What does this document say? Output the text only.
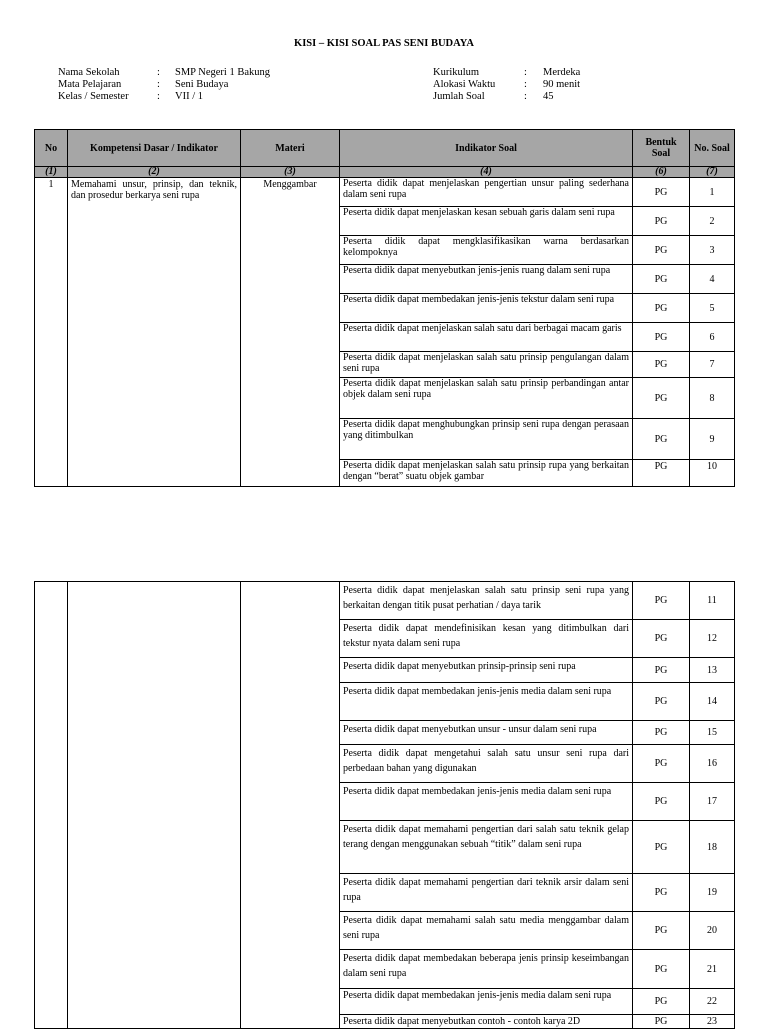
KISI – KISI SOAL PAS SENI BUDAYA
Nama Sekolah	:	SMP Negeri 1 Bakung
Mata Pelajaran	:	Seni Budaya
Kelas / Semester	:	VII / 1
Kurikulum	:	Merdeka
Alokasi Waktu	:	90 menit
Jumlah Soal	:	45
No	Kompetensi Dasar / Indikator	Materi	Indikator Soal	Bentuk Soal	No. Soal
(1)	(2)	(3)	(4)	(6)	(7)
1	Memahami unsur, prinsip, dan teknik, dan prosedur berkarya seni rupa	Menggambar	Peserta didik dapat menjelaskan pengertian unsur paling sederhana dalam seni rupa	PG	1
			Peserta didik dapat menjelaskan kesan sebuah garis dalam seni rupa	PG	2
			Peserta didik dapat mengklasifikasikan warna berdasarkan kelompoknya	PG	3
			Peserta didik dapat menyebutkan jenis-jenis ruang dalam seni rupa	PG	4
			Peserta didik dapat membedakan jenis-jenis tekstur dalam seni rupa	PG	5
			Peserta didik dapat menjelaskan salah satu dari berbagai macam garis	PG	6
			Peserta didik dapat menjelaskan salah satu prinsip pengulangan dalam seni rupa	PG	7
			Peserta didik dapat menjelaskan salah satu prinsip perbandingan antar objek dalam seni rupa	PG	8
			Peserta didik dapat menghubungkan prinsip seni rupa dengan perasaan yang ditimbulkan	PG	9
			Peserta didik dapat menjelaskan salah satu prinsip rupa yang berkaitan dengan “berat” suatu objek gambar	PG	10
			Peserta didik dapat menjelaskan salah satu prinsip seni rupa yang berkaitan dengan titik pusat perhatian / daya tarik	PG	11
			Peserta didik dapat mendefinisikan kesan yang ditimbulkan dari tekstur nyata dalam seni rupa	PG	12
			Peserta didik dapat menyebutkan prinsip-prinsip seni rupa	PG	13
			Peserta didik dapat membedakan jenis-jenis media dalam seni rupa	PG	14
			Peserta didik dapat menyebutkan unsur - unsur dalam seni rupa	PG	15
			Peserta didik dapat mengetahui salah satu unsur seni rupa dari perbedaan bahan yang digunakan	PG	16
			Peserta didik dapat membedakan jenis-jenis media dalam seni rupa	PG	17
			Peserta didik dapat memahami pengertian dari salah satu teknik gelap terang dengan menggunakan sebuah “titik” dalam seni rupa	PG	18
			Peserta didik dapat memahami pengertian dari teknik arsir dalam seni rupa	PG	19
			Peserta didik dapat memahami salah satu media menggambar dalam seni rupa	PG	20
			Peserta didik dapat membedakan beberapa jenis prinsip keseimbangan dalam seni rupa	PG	21
			Peserta didik dapat membedakan jenis-jenis media dalam seni rupa	PG	22
			Peserta didik dapat menyebutkan contoh - contoh karya 2D	PG	23
